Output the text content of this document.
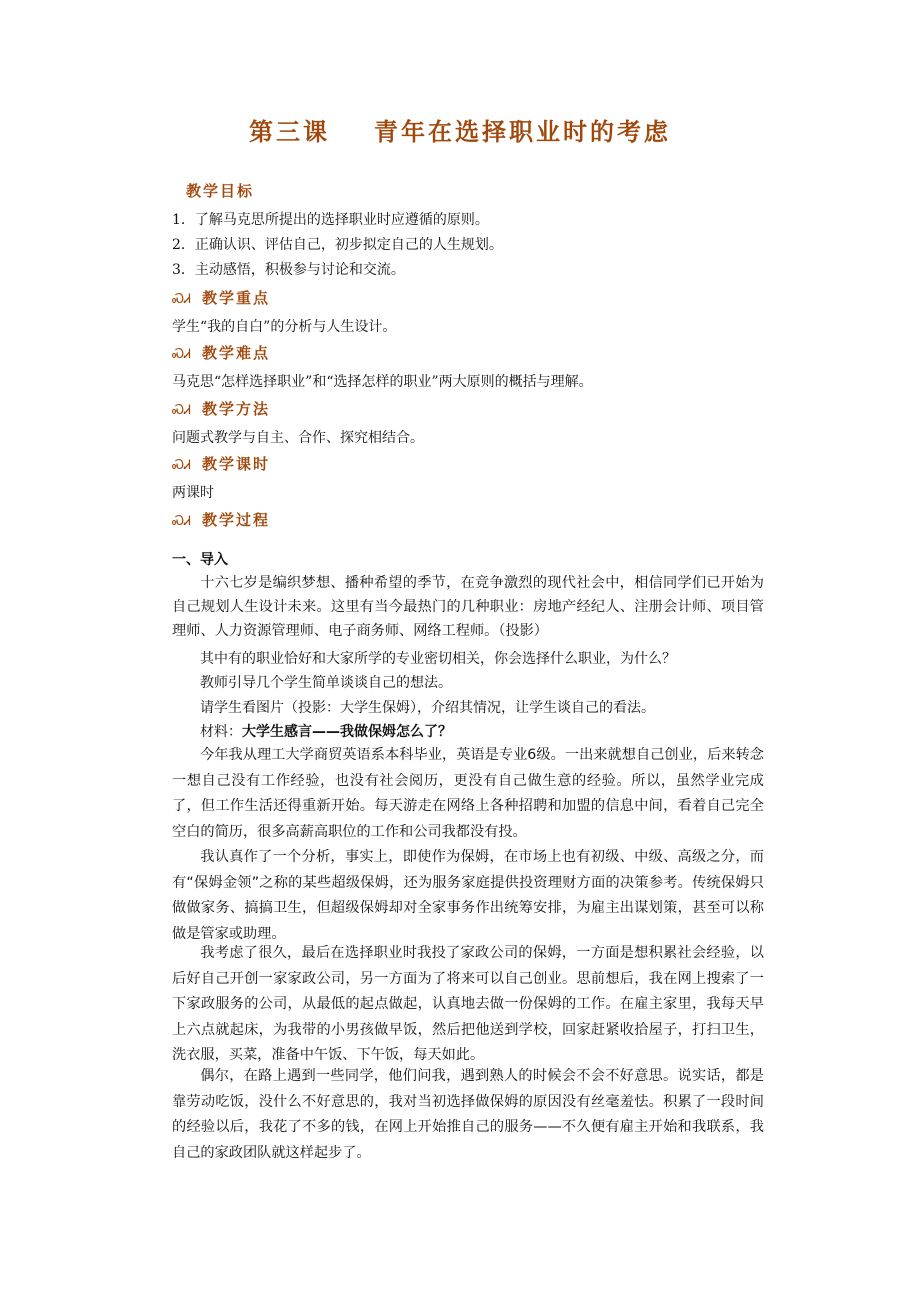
第三课 青年在选择职业时的考虑
教学目标
1．了解马克思所提出的选择职业时应遵循的原则。
2．正确认识、评估自己，初步拟定自己的人生规划。
3．主动感悟，积极参与讨论和交流。
ᏍᏗ 教学重点
学生“我的自白”的分析与人生设计。
ᏍᏗ 教学难点
马克思“怎样选择职业”和“选择怎样的职业”两大原则的概括与理解。
ᏍᏗ 教学方法
问题式教学与自主、合作、探究相结合。
ᏍᏗ 教学课时
两课时
ᏍᏗ 教学过程
一、导入
十六七岁是编织梦想、播种希望的季节，在竞争激烈的现代社会中，相信同学们已开始为自己规划人生设计未来。这里有当今最热门的几种职业：房地产经纪人、注册会计师、项目管理师、人力资源管理师、电子商务师、网络工程师。（投影）
其中有的职业恰好和大家所学的专业密切相关，你会选择什么职业，为什么？
教师引导几个学生简单谈谈自己的想法。
请学生看图片（投影：大学生保姆），介绍其情况，让学生谈自己的看法。
材料：大学生感言——我做保姆怎么了？
今年我从理工大学商贸英语系本科毕业，英语是专业6级。一出来就想自己创业，后来转念一想自己没有工作经验，也没有社会阅历，更没有自己做生意的经验。所以，虽然学业完成了，但工作生活还得重新开始。每天游走在网络上各种招聘和加盟的信息中间，看着自己完全空白的简历，很多高薪高职位的工作和公司我都没有投。
我认真作了一个分析，事实上，即使作为保姆，在市场上也有初级、中级、高级之分，而有“保姆金领”之称的某些超级保姆，还为服务家庭提供投资理财方面的决策参考。传统保姆只做做家务、搞搞卫生，但超级保姆却对全家事务作出统筹安排，为雇主出谋划策，甚至可以称做是管家或助理。
我考虑了很久，最后在选择职业时我投了家政公司的保姆，一方面是想积累社会经验，以后好自己开创一家家政公司，另一方面为了将来可以自己创业。思前想后，我在网上搜索了一下家政服务的公司，从最低的起点做起，认真地去做一份保姆的工作。在雇主家里，我每天早上六点就起床，为我带的小男孩做早饭，然后把他送到学校，回家赶紧收拾屋子，打扫卫生，洗衣服，买菜，准备中午饭、下午饭，每天如此。
偶尔，在路上遇到一些同学，他们问我，遇到熟人的时候会不会不好意思。说实话，都是靠劳动吃饭，没什么不好意思的，我对当初选择做保姆的原因没有丝毫羞怯。积累了一段时间的经验以后，我花了不多的钱，在网上开始推自己的服务——不久便有雇主开始和我联系，我自己的家政团队就这样起步了。
